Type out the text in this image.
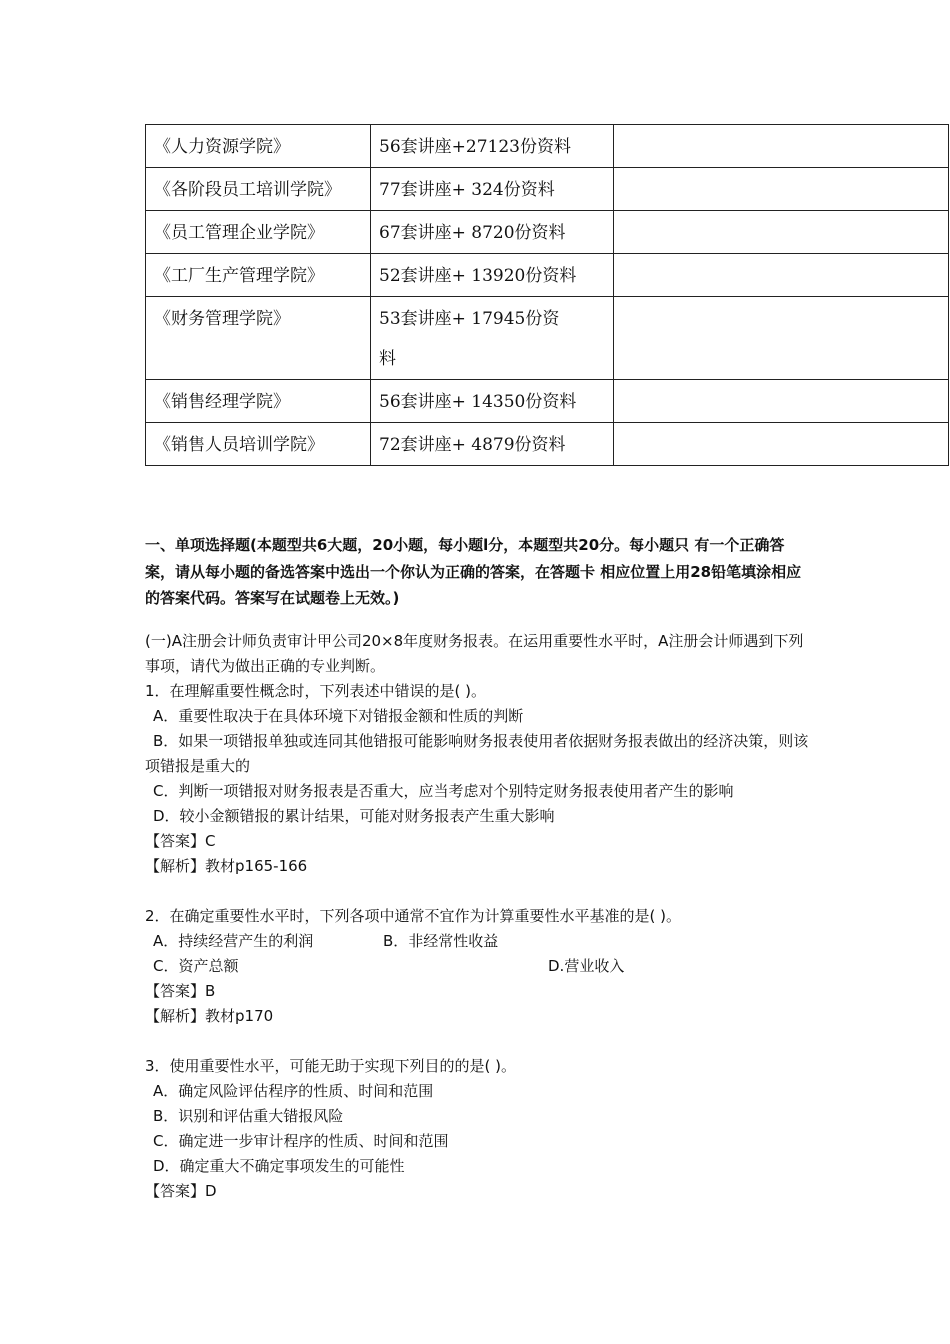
《人力资源学院》	56套讲座+27123份资料	
《各阶段员工培训学院》	77套讲座+ 324份资料	
《员工管理企业学院》	67套讲座+ 8720份资料	
《工厂生产管理学院》	52套讲座+ 13920份资料	
《财务管理学院》	53套讲座+ 17945份资料	
《销售经理学院》	56套讲座+ 14350份资料	
《销售人员培训学院》	72套讲座+ 4879份资料	
一、单项选择题(本题型共6大题，20小题，每小题l分，本题型共20分。每小题只 有一个正确答案，请从每小题的备选答案中选出一个你认为正确的答案，在答题卡 相应位置上用28铅笔填涂相应的答案代码。答案写在试题卷上无效。)

(一)A注册会计师负责审计甲公司20×8年度财务报表。在运用重要性水平时，A注册会计师遇到下列事项，请代为做出正确的专业判断。

1．在理解重要性概念时，下列表述中错误的是( )。

A．重要性取决于在具体环境下对错报金额和性质的判断

B．如果一项错报单独或连同其他错报可能影响财务报表使用者依据财务报表做出的经济决策，则该项错报是重大的

C．判断一项错报对财务报表是否重大，应当考虑对个别特定财务报表使用者产生的影响

D．较小金额错报的累计结果，可能对财务报表产生重大影响

【答案】C

【解析】教材p165-166

2．在确定重要性水平时，下列各项中通常不宜作为计算重要性水平基准的是( )。

A．持续经营产生的利润	B．非经常性收益
C．资产总额	D.营业收入

【答案】B

【解析】教材p170

3．使用重要性水平，可能无助于实现下列目的的是( )。

A．确定风险评估程序的性质、时间和范围

B．识别和评估重大错报风险

C．确定进一步审计程序的性质、时间和范围

D．确定重大不确定事项发生的可能性

【答案】D
